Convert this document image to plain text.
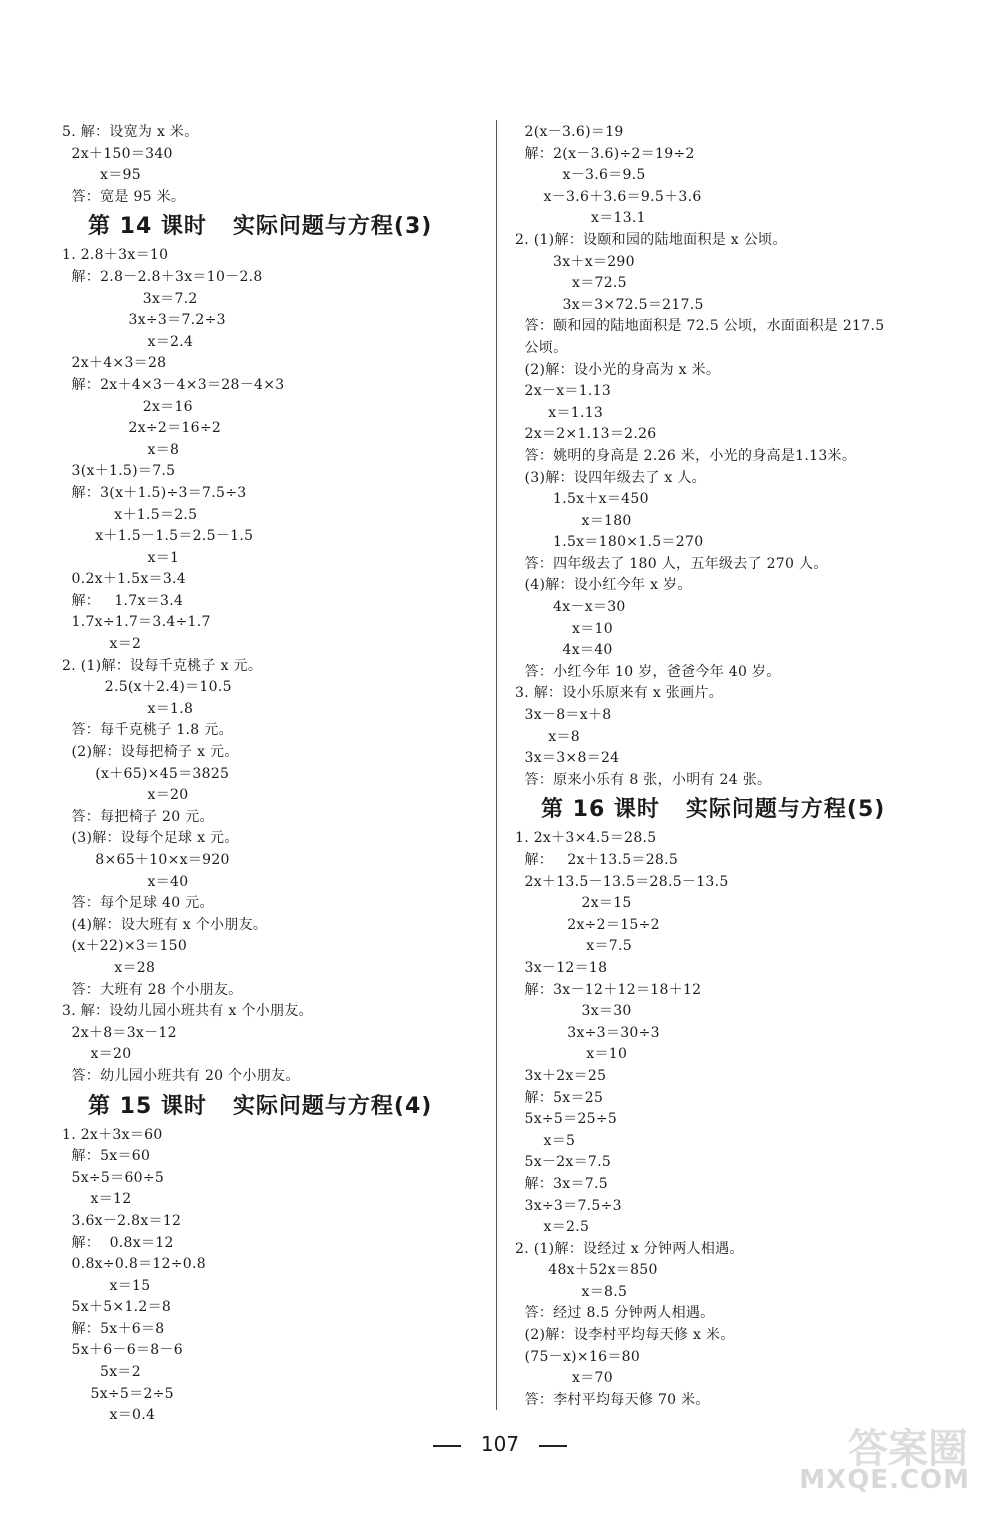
5. 解：设宽为 x 米。
2x＋150＝340
x＝95
答：宽是 95 米。
第 14 课时   实际问题与方程(3)
1. 2.8＋3x＝10
解：2.8－2.8＋3x＝10－2.8
3x＝7.2
3x÷3＝7.2÷3
x＝2.4
2x＋4×3＝28
解：2x＋4×3－4×3＝28－4×3
2x＝16
2x÷2＝16÷2
x＝8
3(x＋1.5)＝7.5
解：3(x＋1.5)÷3＝7.5÷3
x＋1.5＝2.5
x＋1.5－1.5＝2.5－1.5
x＝1
0.2x＋1.5x＝3.4
解：   1.7x＝3.4
1.7x÷1.7＝3.4÷1.7
x＝2
2. (1)解：设每千克桃子 x 元。
2.5(x＋2.4)＝10.5
x＝1.8
答：每千克桃子 1.8 元。
(2)解：设每把椅子 x 元。
(x＋65)×45＝3825
x＝20
答：每把椅子 20 元。
(3)解：设每个足球 x 元。
8×65＋10×x＝920
x＝40
答：每个足球 40 元。
(4)解：设大班有 x 个小朋友。
(x＋22)×3＝150
x＝28
答：大班有 28 个小朋友。
3. 解：设幼儿园小班共有 x 个小朋友。
2x＋8＝3x－12
x＝20
答：幼儿园小班共有 20 个小朋友。
第 15 课时   实际问题与方程(4)
1. 2x＋3x＝60
解：5x＝60
5x÷5＝60÷5
x＝12
3.6x－2.8x＝12
解：  0.8x＝12
0.8x÷0.8＝12÷0.8
x＝15
5x＋5×1.2＝8
解：5x＋6＝8
5x＋6－6＝8－6
5x＝2
5x÷5＝2÷5
x＝0.4
2(x－3.6)＝19
解：2(x－3.6)÷2＝19÷2
x－3.6＝9.5
x－3.6＋3.6＝9.5＋3.6
x＝13.1
2. (1)解：设颐和园的陆地面积是 x 公顷。
3x＋x＝290
x＝72.5
3x＝3×72.5＝217.5
答：颐和园的陆地面积是 72.5 公顷，水面面积是 217.5
公顷。
(2)解：设小光的身高为 x 米。
2x－x＝1.13
x＝1.13
2x＝2×1.13＝2.26
答：姚明的身高是 2.26 米，小光的身高是1.13米。
(3)解：设四年级去了 x 人。
1.5x＋x＝450
x＝180
1.5x＝180×1.5＝270
答：四年级去了 180 人，五年级去了 270 人。
(4)解：设小红今年 x 岁。
4x－x＝30
x＝10
4x＝40
答：小红今年 10 岁，爸爸今年 40 岁。
3. 解：设小乐原来有 x 张画片。
3x－8＝x＋8
x＝8
3x＝3×8＝24
答：原来小乐有 8 张，小明有 24 张。
第 16 课时   实际问题与方程(5)
1. 2x＋3×4.5＝28.5
解：   2x＋13.5＝28.5
2x＋13.5－13.5＝28.5－13.5
2x＝15
2x÷2＝15÷2
x＝7.5
3x－12＝18
解：3x－12＋12＝18＋12
3x＝30
3x÷3＝30÷3
x＝10
3x＋2x＝25
解：5x＝25
5x÷5＝25÷5
x＝5
5x－2x＝7.5
解：3x＝7.5
3x÷3＝7.5÷3
x＝2.5
2. (1)解：设经过 x 分钟两人相遇。
48x＋52x＝850
x＝8.5
答：经过 8.5 分钟两人相遇。
(2)解：设李村平均每天修 x 米。
(75－x)×16＝80
x＝70
答：李村平均每天修 70 米。
107	答案圈
MXQE.COM
